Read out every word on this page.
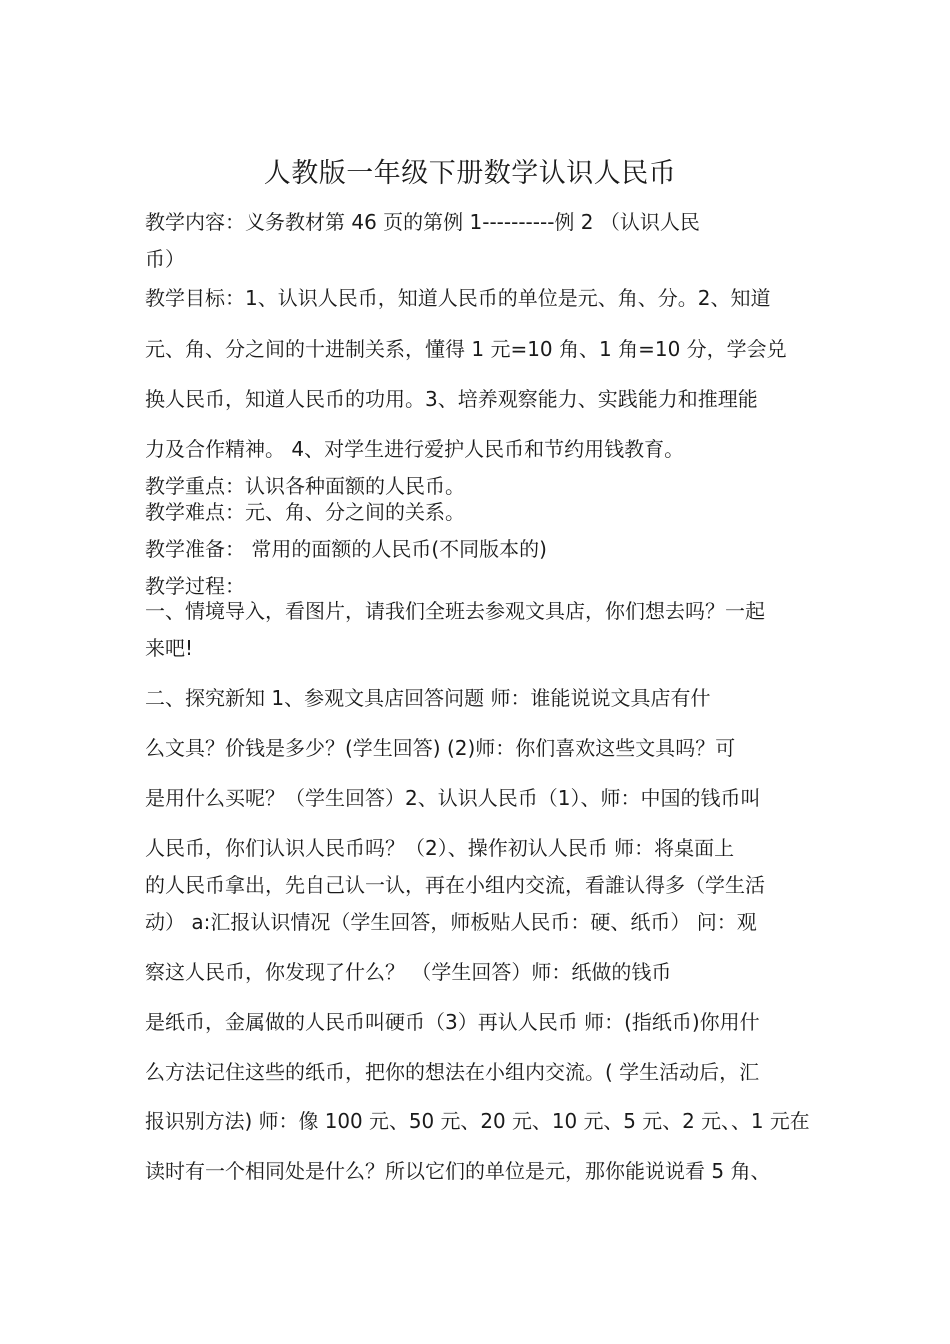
人教版一年级下册数学认识人民币
教学内容：义务教材第 46 页的第例 1----------例 2 （认识人民
币）
教学目标：1、认识人民币，知道人民币的单位是元、角、分。2、知道
元、角、分之间的十进制关系，懂得 1 元=10 角、1 角=10 分，学会兑
换人民币，知道人民币的功用。3、培养观察能力、实践能力和推理能
力及合作精神。 4、对学生进行爱护人民币和节约用钱教育。
教学重点：认识各种面额的人民币。
教学难点：元、角、分之间的关系。
教学准备： 常用的面额的人民币(不同版本的)
教学过程：
一、情境导入，看图片，请我们全班去参观文具店，你们想去吗？一起
来吧!
二、探究新知 1、参观文具店回答问题 师：谁能说说文具店有什
么文具？价钱是多少？(学生回答) (2)师：你们喜欢这些文具吗？可
是用什么买呢？（学生回答）2、认识人民币（1）、师：中国的钱币叫
人民币，你们认识人民币吗？（2）、操作初认人民币 师：将桌面上
的人民币拿出，先自己认一认，再在小组内交流，看誰认得多（学生活
动） a:汇报认识情况（学生回答，师板贴人民币：硬、纸币） 问：观
察这人民币，你发现了什么？ （学生回答）师：纸做的钱币
是纸币，金属做的人民币叫硬币（3）再认人民币 师：(指纸币)你用什
么方法记住这些的纸币，把你的想法在小组内交流。( 学生活动后，汇
报识别方法) 师：像 100 元、50 元、20 元、10 元、5 元、2 元、、1 元在
读时有一个相同处是什么？所以它们的单位是元，那你能说说看 5 角、
